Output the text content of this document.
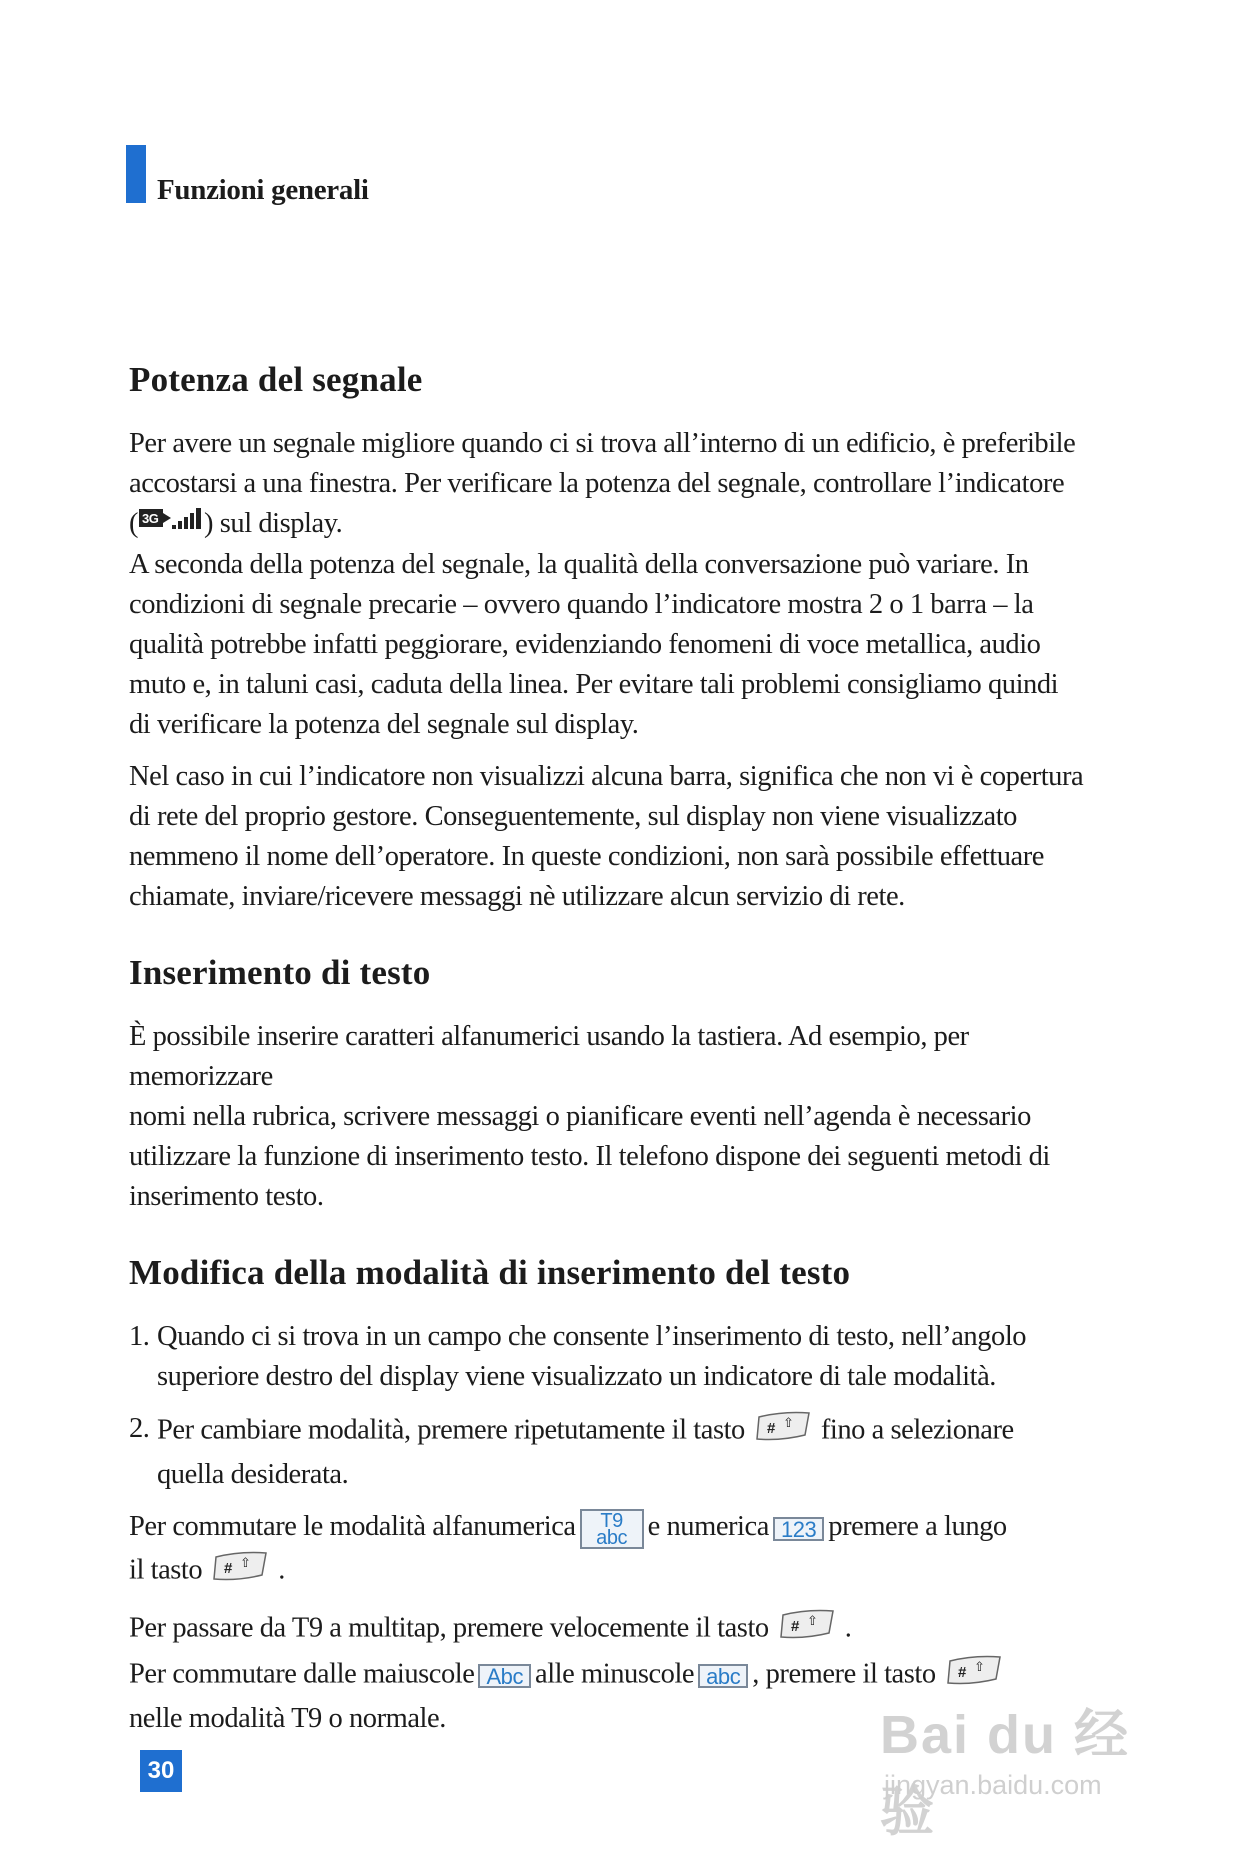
Funzioni generali
Potenza del segnale

Per avere un segnale migliore quando ci si trova all’interno di un edificio, è preferibile
accostarsi a una finestra. Per verificare la potenza del segnale, controllare l’indicatore
( 3G ) sul display.
A seconda della potenza del segnale, la qualità della conversazione può variare. In
condizioni di segnale precarie – ovvero quando l’indicatore mostra 2 o 1 barra – la
qualità potrebbe infatti peggiorare, evidenziando fenomeni di voce metallica, audio
muto e, in taluni casi, caduta della linea. Per evitare tali problemi consigliamo quindi
di verificare la potenza del segnale sul display.

Nel caso in cui l’indicatore non visualizzi alcuna barra, significa che non vi è copertura
di rete del proprio gestore. Conseguentemente, sul display non viene visualizzato
nemmeno il nome dell’operatore. In queste condizioni, non sarà possibile effettuare
chiamate, inviare/ricevere messaggi nè utilizzare alcun servizio di rete.

Inserimento di testo

È possibile inserire caratteri alfanumerici usando la tastiera. Ad esempio, per memorizzare
nomi nella rubrica, scrivere messaggi o pianificare eventi nell’agenda è necessario
utilizzare la funzione di inserimento testo. Il telefono dispone dei seguenti metodi di
inserimento testo.

Modifica della modalità di inserimento del testo
1. Quando ci si trova in un campo che consente l’inserimento di testo, nell’angolo
superiore destro del display viene visualizzato un indicatore di tale modalità.
2. Per cambiare modalità, premere ripetutamente il tasto # ⇧ fino a selezionare
quella desiderata.

Per commutare le modalità alfanumerica T9
abc e numerica 123 premere a lungo
il tasto # ⇧ .

Per passare da T9 a multitap, premere velocemente il tasto # ⇧ .
Per commutare dalle maiuscole Abc alle minuscole abc , premere il tasto # ⇧

nelle modalità T9 o normale.

30
Bai du 经验
jingyan.baidu.com
